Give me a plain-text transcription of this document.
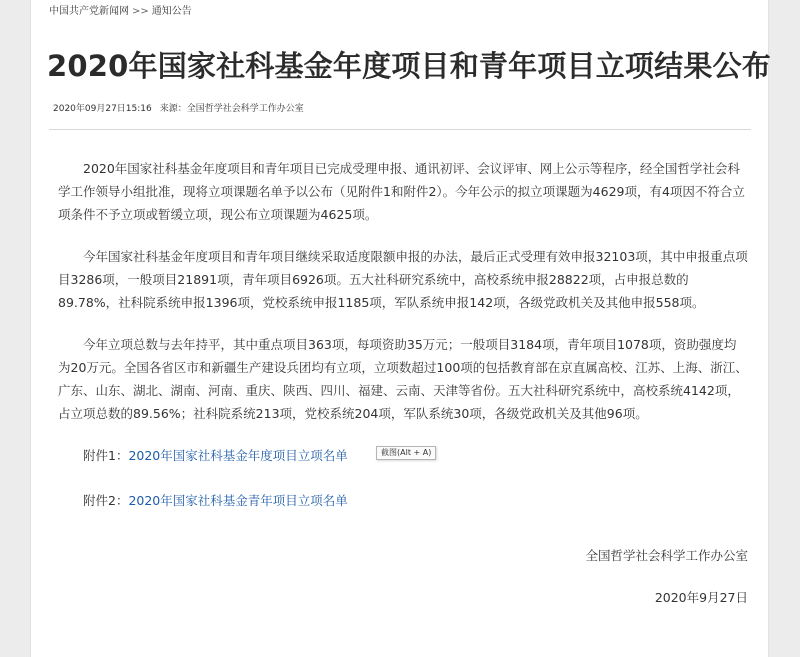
中国共产党新闻网 >> 通知公告
2020年国家社科基金年度项目和青年项目立项结果公布
2020年09月27日15:16 来源：全国哲学社会科学工作办公室

2020年国家社科基金年度项目和青年项目已完成受理申报、通讯初评、会议评审、网上公示等程序，经全国哲学社会科学工作领导小组批准，现将立项课题名单予以公布（见附件1和附件2）。今年公示的拟立项课题为4629项，有4项因不符合立项条件不予立项或暂缓立项，现公布立项课题为4625项。

今年国家社科基金年度项目和青年项目继续采取适度限额申报的办法，最后正式受理有效申报32103项，其中申报重点项目3286项，一般项目21891项，青年项目6926项。五大社科研究系统中，高校系统申报28822项，占申报总数的89.78%，社科院系统申报1396项，党校系统申报1185项，军队系统申报142项，各级党政机关及其他申报558项。

今年立项总数与去年持平，其中重点项目363项，每项资助35万元；一般项目3184项，青年项目1078项，资助强度均为20万元。全国各省区市和新疆生产建设兵团均有立项，立项数超过100项的包括教育部在京直属高校、江苏、上海、浙江、广东、山东、湖北、湖南、河南、重庆、陕西、四川、福建、云南、天津等省份。五大社科研究系统中，高校系统4142项，占立项总数的89.56%；社科院系统213项，党校系统204项，军队系统30项，各级党政机关及其他96项。

附件1：2020年国家社科基金年度项目立项名单
附件2：2020年国家社科基金青年项目立项名单

全国哲学社会科学工作办公室

2020年9月27日

截图(Alt + A)
